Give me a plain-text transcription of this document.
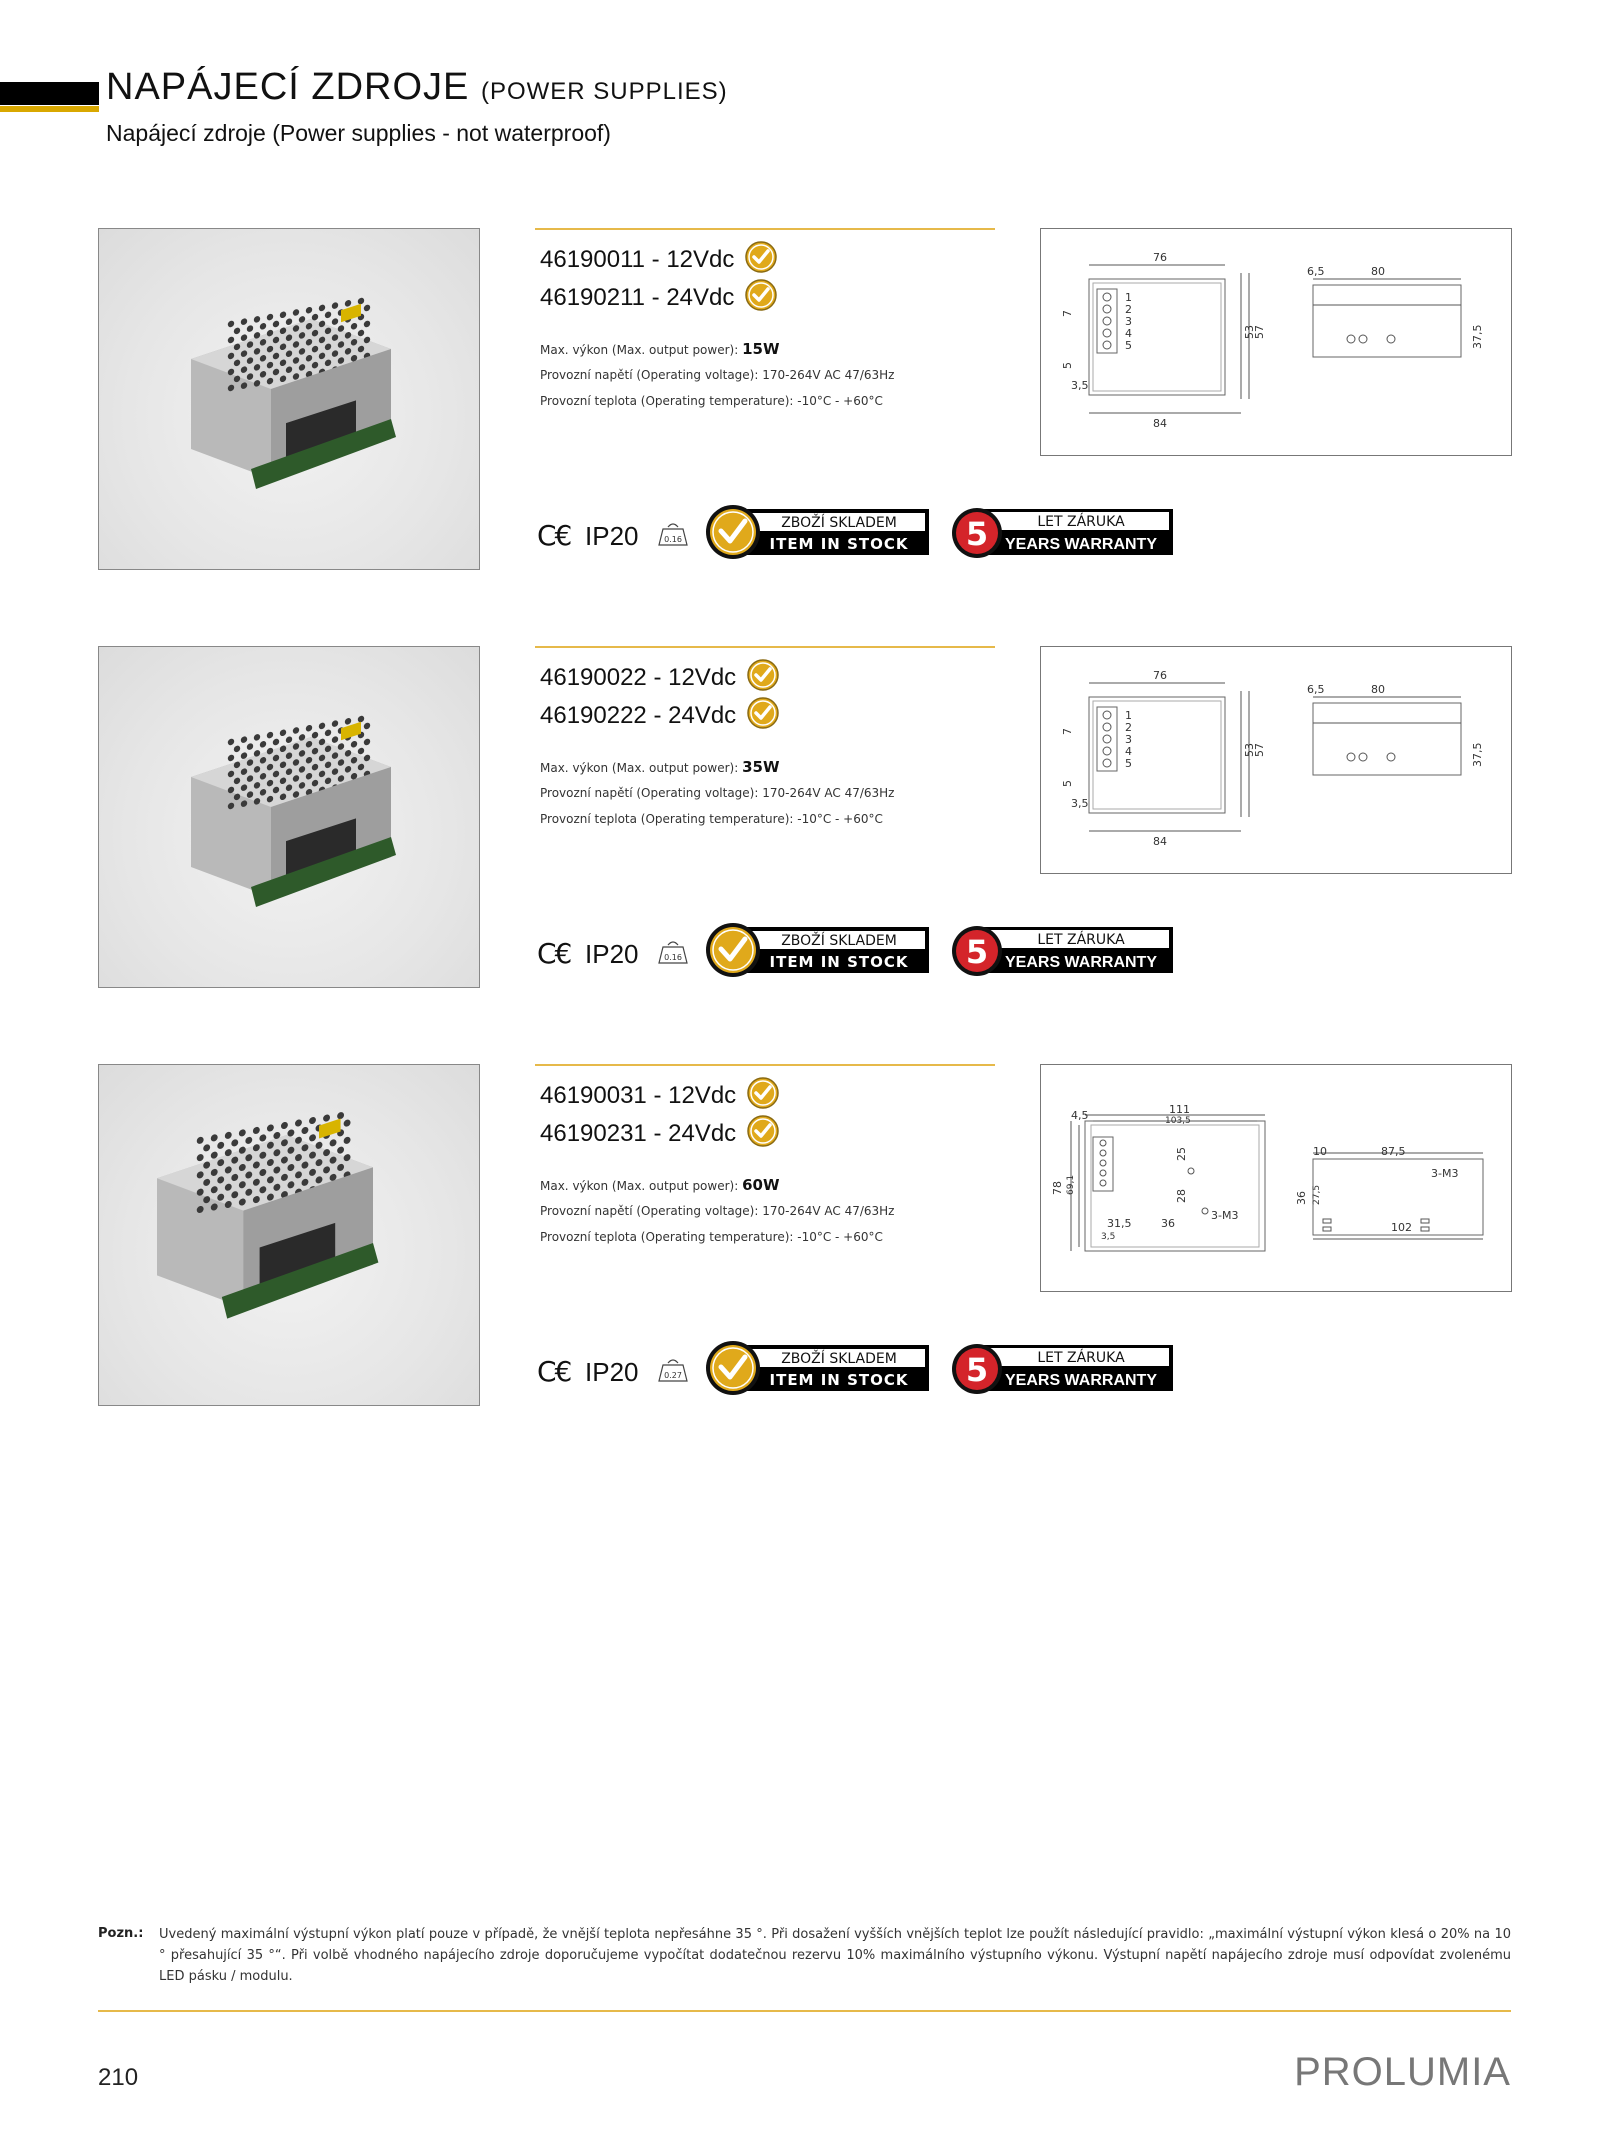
NAPÁJECÍ ZDROJE (POWER SUPPLIES)
Napájecí zdroje (Power supplies - not waterproof)
46190011 - 12Vdc
46190211 - 24Vdc
Max. výkon (Max. output power): 15W
Provozní napětí (Operating voltage): 170-264V AC 47/63Hz
Provozní teplota (Operating temperature): -10°C - +60°C
76
84
1
2
3
4
5
53
57
7
5
3,5
6,5	80
37,5
C€ IP20	0.16
ZBOŽÍ SKLADEM
ITEM IN STOCK 5	LET ZÁRUKA
YEARS WARRANTY
46190022 - 12Vdc
46190222 - 24Vdc
Max. výkon (Max. output power): 35W
Provozní napětí (Operating voltage): 170-264V AC 47/63Hz
Provozní teplota (Operating temperature): -10°C - +60°C
76
84
1
2
3
4
5
53
57
7
5
3,5
6,5	80
37,5
C€ IP20	0.16
ZBOŽÍ SKLADEM
ITEM IN STOCK 5	LET ZÁRUKA
YEARS WARRANTY
46190031 - 12Vdc
46190231 - 24Vdc
Max. výkon (Max. output power): 60W
Provozní napětí (Operating voltage): 170-264V AC 47/63Hz
Provozní teplota (Operating temperature): -10°C - +60°C
111
103,5
4,5
78 69,1
25
28
31,5	36
3-M3
3,5
10	87,5
3-M3
102
36 27,5
C€ IP20	0.27
ZBOŽÍ SKLADEM
ITEM IN STOCK 5	LET ZÁRUKA
YEARS WARRANTY
Pozn.: Uvedený maximální výstupní výkon platí pouze v případě, že vnější teplota nepřesáhne 35 °. Při dosažení vyšších vnějších teplot lze použít následující pravidlo: „maximální výstupní výkon klesá o 20% na 10 ° přesahující 35 °“. Při volbě vhodného napájecího zdroje doporučujeme vypočítat dodatečnou rezervu 10% maximálního výstupního výkonu. Výstupní napětí napájecího zdroje musí odpovídat zvolenému LED pásku / modulu.
210	PROLUMIA
